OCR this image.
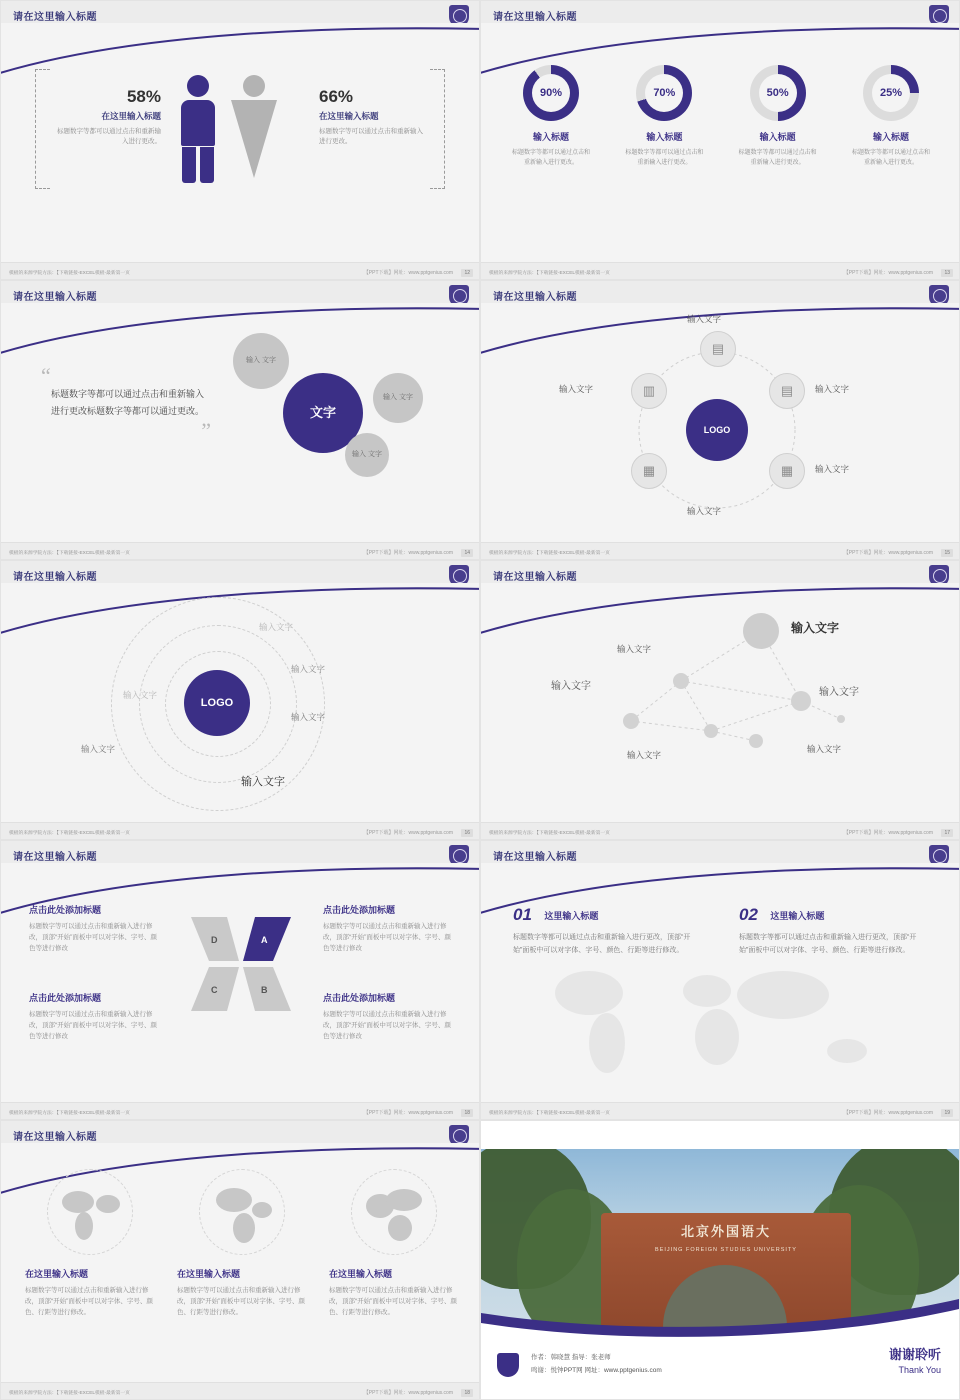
请在这里输入标题
58%
在这里输入标题
标题数字等都可以通过点击和重新输入进行更改。
66%
在这里输入标题
标题数字等可以通过点击和重新输入进行更改。
模板的来源学院方法：【下载链接-EXCEL模板-最新第一页	【PPT下载】网址：www.pptgenius.com	12
请在这里输入标题
90%
输入标题
标题数字等都可以通过点击和重新输入进行更改。
70%
输入标题
标题数字等都可以通过点击和重新输入进行更改。
50%
输入标题
标题数字等都可以通过点击和重新输入进行更改。
25%
输入标题
标题数字等都可以通过点击和重新输入进行更改。
模板的来源学院方法：【下载链接-EXCEL模板-最新第一页	【PPT下载】网址：www.pptgenius.com	13
请在这里输入标题
“

标题数字等都可以通过点击和重新输入进行更改标题数字等都可以通过更改。

”
输入 文字
文字
输入 文字
输入 文字
模板的来源学院方法：【下载链接-EXCEL模板-最新第一页	【PPT下载】网址：www.pptgenius.com	14
请在这里输入标题
LOGO
▤
▥	▤
▦	▦
输入文字
输入文字	输入文字
输入文字
输入文字
模板的来源学院方法：【下载链接-EXCEL模板-最新第一页	【PPT下载】网址：www.pptgenius.com	15
请在这里输入标题
LOGO
输入文字
输入文字
输入文字
输入文字
输入文字
输入文字
模板的来源学院方法：【下载链接-EXCEL模板-最新第一页	【PPT下载】网址：www.pptgenius.com	16
请在这里输入标题
输入文字
输入文字
输入文字
输入文字
输入文字
输入文字
模板的来源学院方法：【下载链接-EXCEL模板-最新第一页	【PPT下载】网址：www.pptgenius.com	17
请在这里输入标题
点击此处添加标题

标题数字等可以通过点击和重新输入进行修改，顶部“开始”面板中可以对字体、字号、颜色等进行修改

点击此处添加标题

标题数字等可以通过点击和重新输入进行修改，顶部“开始”面板中可以对字体、字号、颜色等进行修改

点击此处添加标题

标题数字等可以通过点击和重新输入进行修改，顶部“开始”面板中可以对字体、字号、颜色等进行修改

点击此处添加标题

标题数字等可以通过点击和重新输入进行修改，顶部“开始”面板中可以对字体、字号、颜色等进行修改

D	A
C	B
模板的来源学院方法：【下载链接-EXCEL模板-最新第一页	【PPT下载】网址：www.pptgenius.com	18
请在这里输入标题
01 这里输入标题

标题数字等都可以通过点击和重新输入进行更改，顶部“开始”面板中可以对字体、字号、颜色、行距等进行修改。

02 这里输入标题

标题数字等都可以通过点击和重新输入进行更改，顶部“开始”面板中可以对字体、字号、颜色、行距等进行修改。

模板的来源学院方法：【下载链接-EXCEL模板-最新第一页	【PPT下载】网址：www.pptgenius.com	19
请在这里输入标题
在这里输入标题

标题数字等可以通过点击和重新输入进行修改，顶部“开始”面板中可以对字体、字号、颜色、行距等进行修改。

在这里输入标题

标题数字等可以通过点击和重新输入进行修改，顶部“开始”面板中可以对字体、字号、颜色、行距等进行修改。

在这里输入标题

标题数字等可以通过点击和重新输入进行修改，顶部“开始”面板中可以对字体、字号、颜色、行距等进行修改。

模板的来源学院方法：【下载链接-EXCEL模板-最新第一页	【PPT下载】网址：www.pptgenius.com	18
北京外国语大
BEIJING FOREIGN STUDIES UNIVERSITY
作者：韩晓慧 指导：张老师
鸣谢：悦钟PPT网 网址：www.pptgenius.com
谢谢聆听
Thank You
